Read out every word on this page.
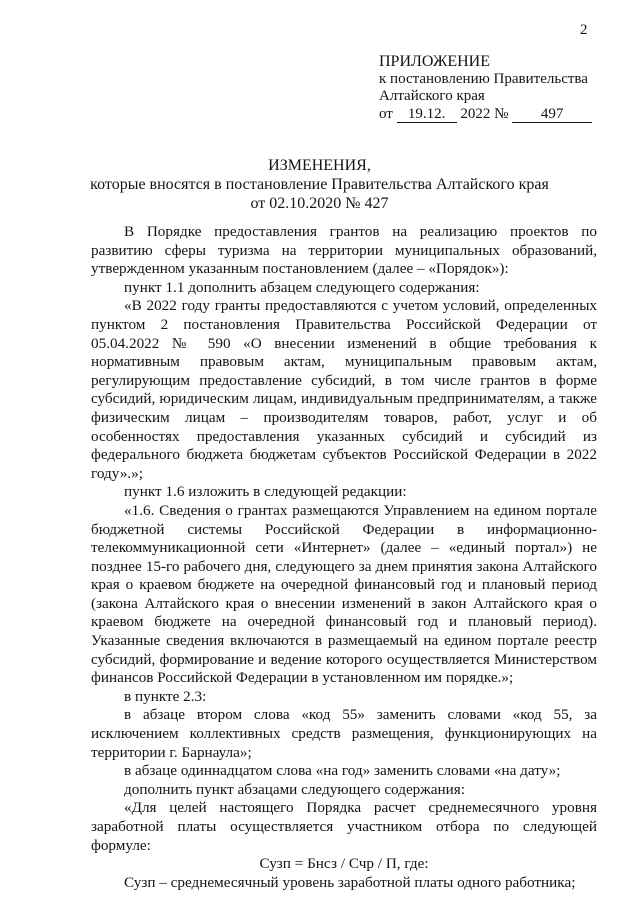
2
ПРИЛОЖЕНИЕ
к постановлению Правительства
Алтайского края
от 19.12. 2022 № 497
ИЗМЕНЕНИЯ,
которые вносятся в постановление Правительства Алтайского края
от 02.10.2020 № 427

В Порядке предоставления грантов на реализацию проектов по развитию сферы туризма на территории муниципальных образований, утвержденном указанным постановлением (далее – «Порядок»):

пункт 1.1 дополнить абзацем следующего содержания:

«В 2022 году гранты предоставляются с учетом условий, определенных пунктом 2 постановления Правительства Российской Федерации от 05.04.2022 № 590 «О внесении изменений в общие требования к нормативным правовым актам, муниципальным правовым актам, регулирующим предоставление субсидий, в том числе грантов в форме субсидий, юридическим лицам, индивидуальным предпринимателям, а также физическим лицам – производителям товаров, работ, услуг и об особенностях предоставления указанных субсидий и субсидий из федерального бюджета бюджетам субъектов Российской Федерации в 2022 году».»;

пункт 1.6 изложить в следующей редакции:

«1.6. Сведения о грантах размещаются Управлением на едином портале бюджетной системы Российской Федерации в информационно-телекоммуникационной сети «Интернет» (далее – «единый портал») не позднее 15-го рабочего дня, следующего за днем принятия закона Алтайского края о краевом бюджете на очередной финансовый год и плановый период (закона Алтайского края о внесении изменений в закон Алтайского края о краевом бюджете на очередной финансовый год и плановый период). Указанные сведения включаются в размещаемый на едином портале реестр субсидий, формирование и ведение которого осуществляется Министерством финансов Российской Федерации в установленном им порядке.»;

в пункте 2.3:

в абзаце втором слова «код 55» заменить словами «код 55, за исключением коллективных средств размещения, функционирующих на территории г. Барнаула»;

в абзаце одиннадцатом слова «на год» заменить словами «на дату»;

дополнить пункт абзацами следующего содержания:

«Для целей настоящего Порядка расчет среднемесячного уровня заработной платы осуществляется участником отбора по следующей формуле:

Сузп = Бнсз / Счр / П, где:

Сузп – среднемесячный уровень заработной платы одного работника;
